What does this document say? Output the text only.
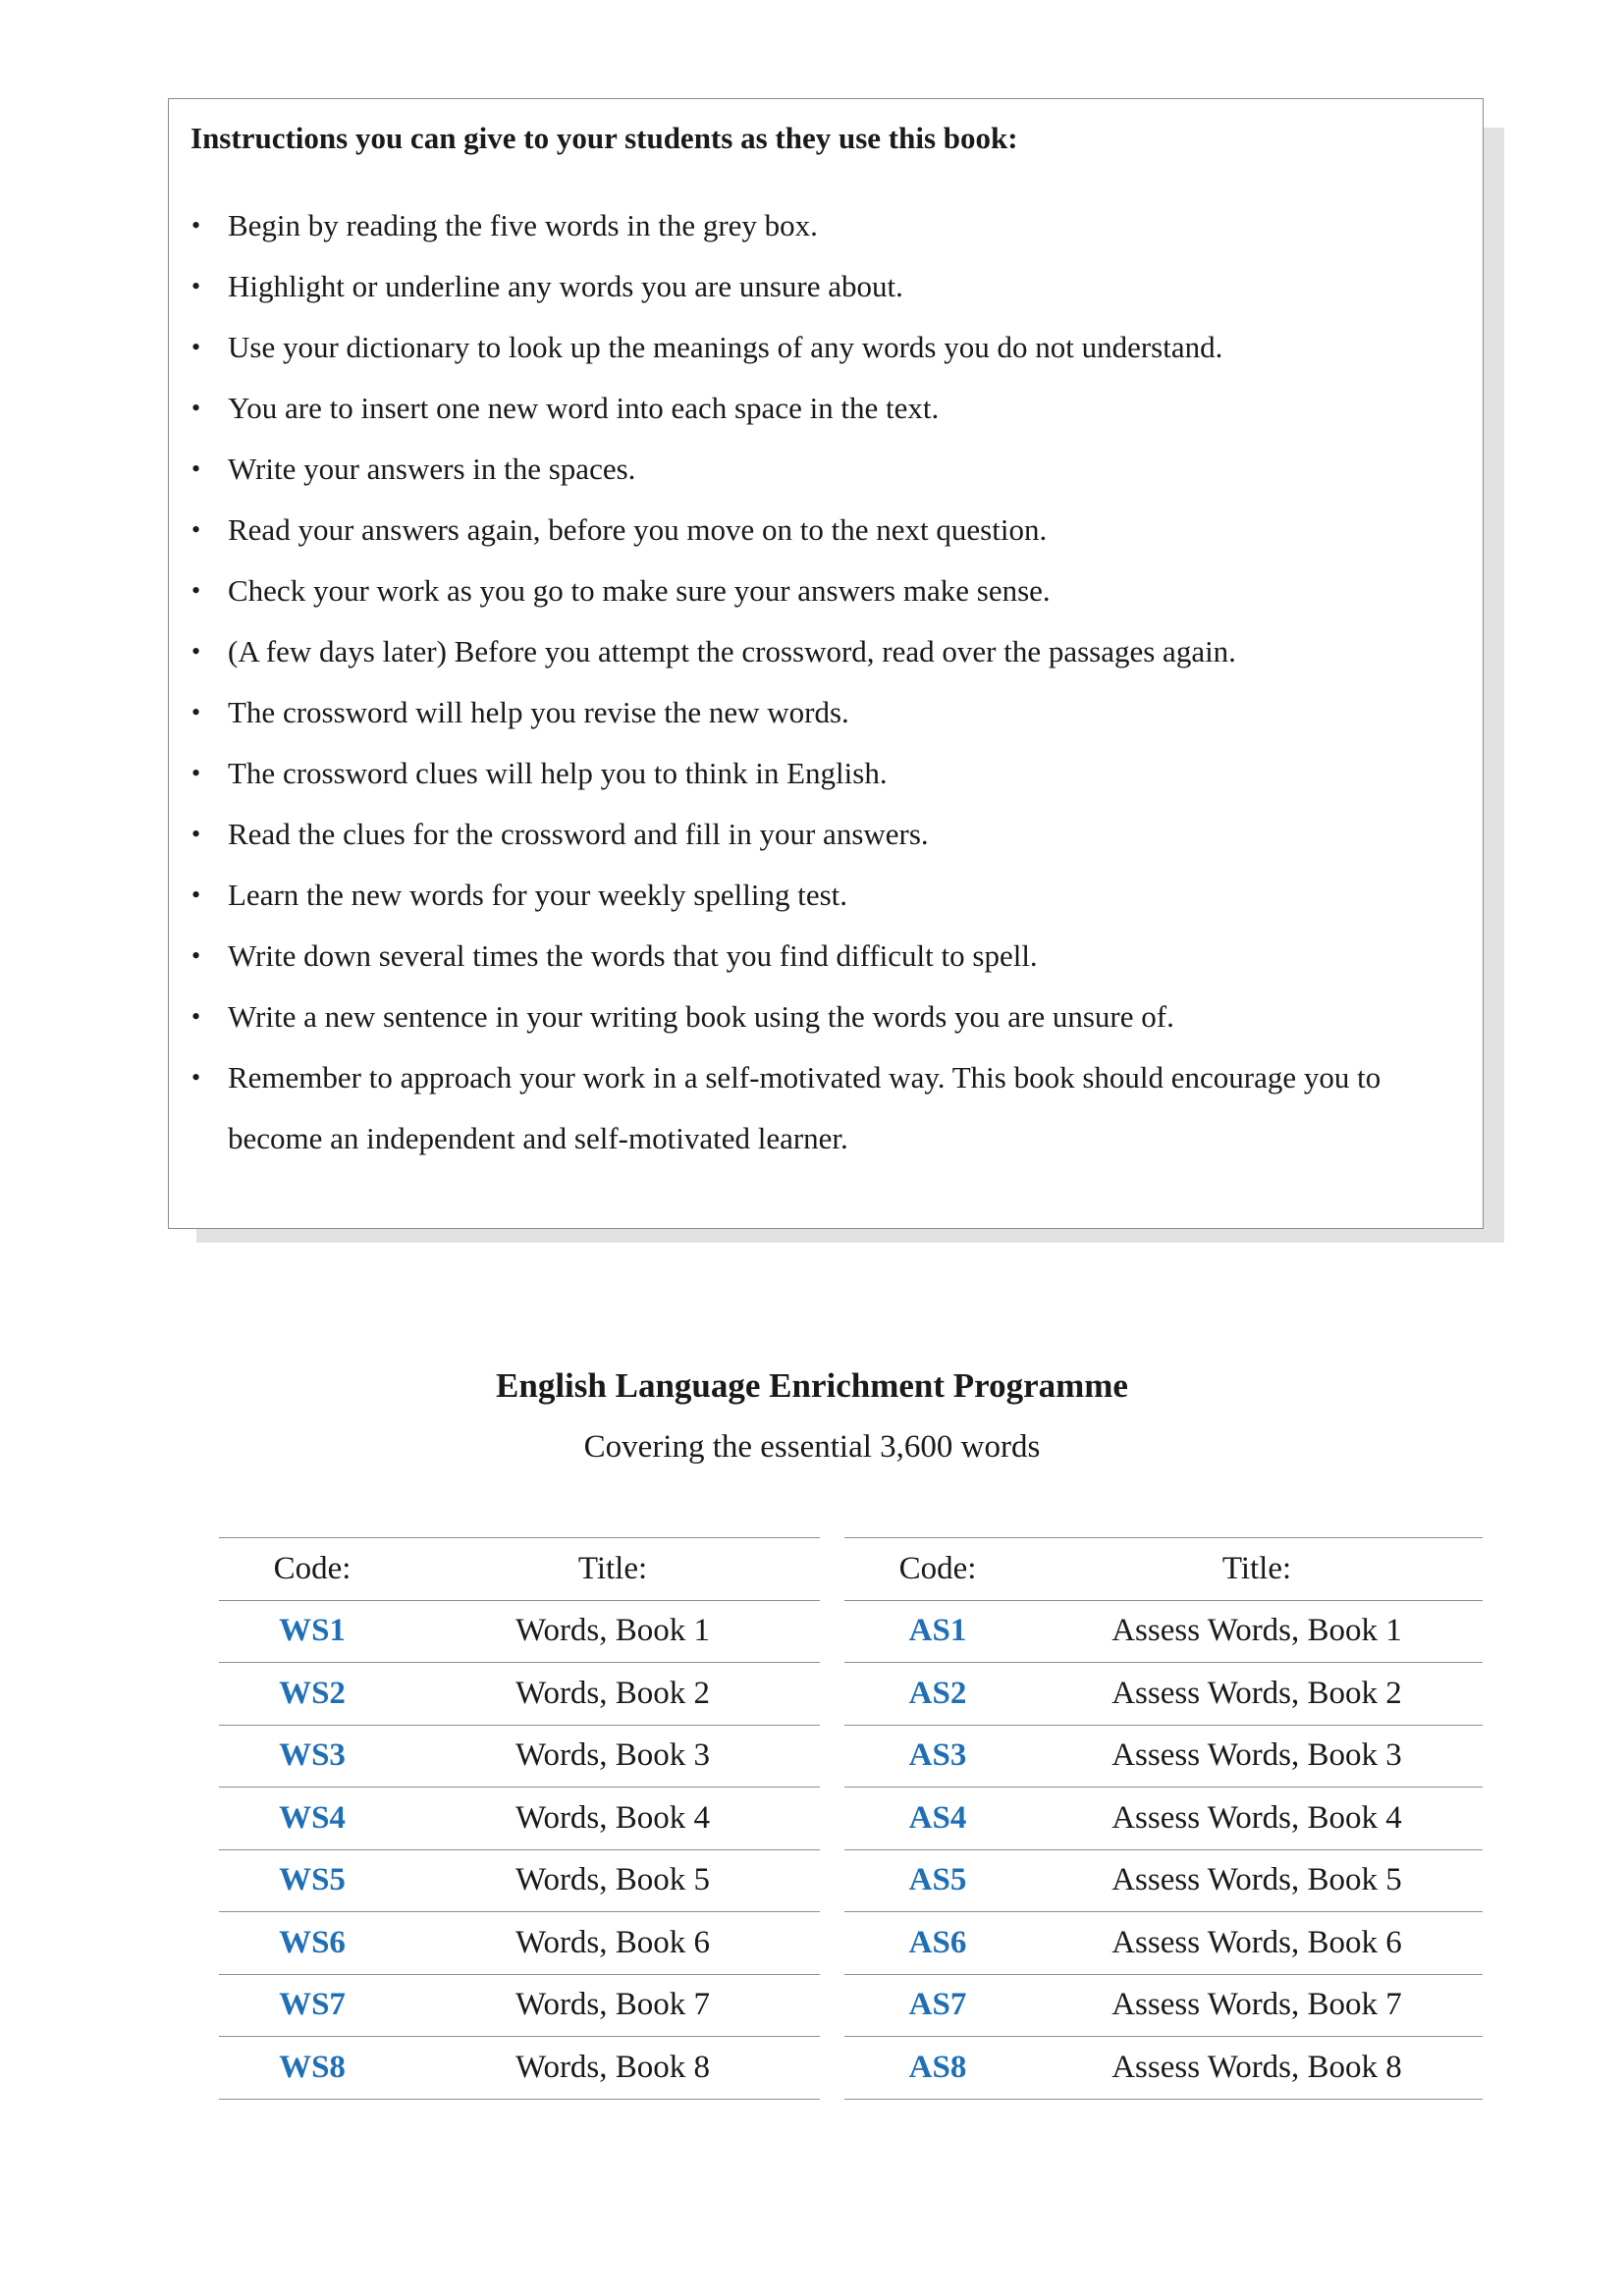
Instructions you can give to your students as they use this book:

• Begin by reading the five words in the grey box.
• Highlight or underline any words you are unsure about.
• Use your dictionary to look up the meanings of any words you do not understand.
• You are to insert one new word into each space in the text.
• Write your answers in the spaces.
• Read your answers again, before you move on to the next question.
• Check your work as you go to make sure your answers make sense.
• (A few days later) Before you attempt the crossword, read over the passages again.
• The crossword will help you revise the new words.
• The crossword clues will help you to think in English.
• Read the clues for the crossword and fill in your answers.
• Learn the new words for your weekly spelling test.
• Write down several times the words that you find difficult to spell.
• Write a new sentence in your writing book using the words you are unsure of.
• Remember to approach your work in a self-motivated way. This book should encourage you to become an independent and self-motivated learner.
English Language Enrichment Programme
Covering the essential 3,600 words
Code:	Title:
WS1	Words, Book 1
WS2	Words, Book 2
WS3	Words, Book 3
WS4	Words, Book 4
WS5	Words, Book 5
WS6	Words, Book 6
WS7	Words, Book 7
WS8	Words, Book 8
Code:	Title:
AS1	Assess Words, Book 1
AS2	Assess Words, Book 2
AS3	Assess Words, Book 3
AS4	Assess Words, Book 4
AS5	Assess Words, Book 5
AS6	Assess Words, Book 6
AS7	Assess Words, Book 7
AS8	Assess Words, Book 8
